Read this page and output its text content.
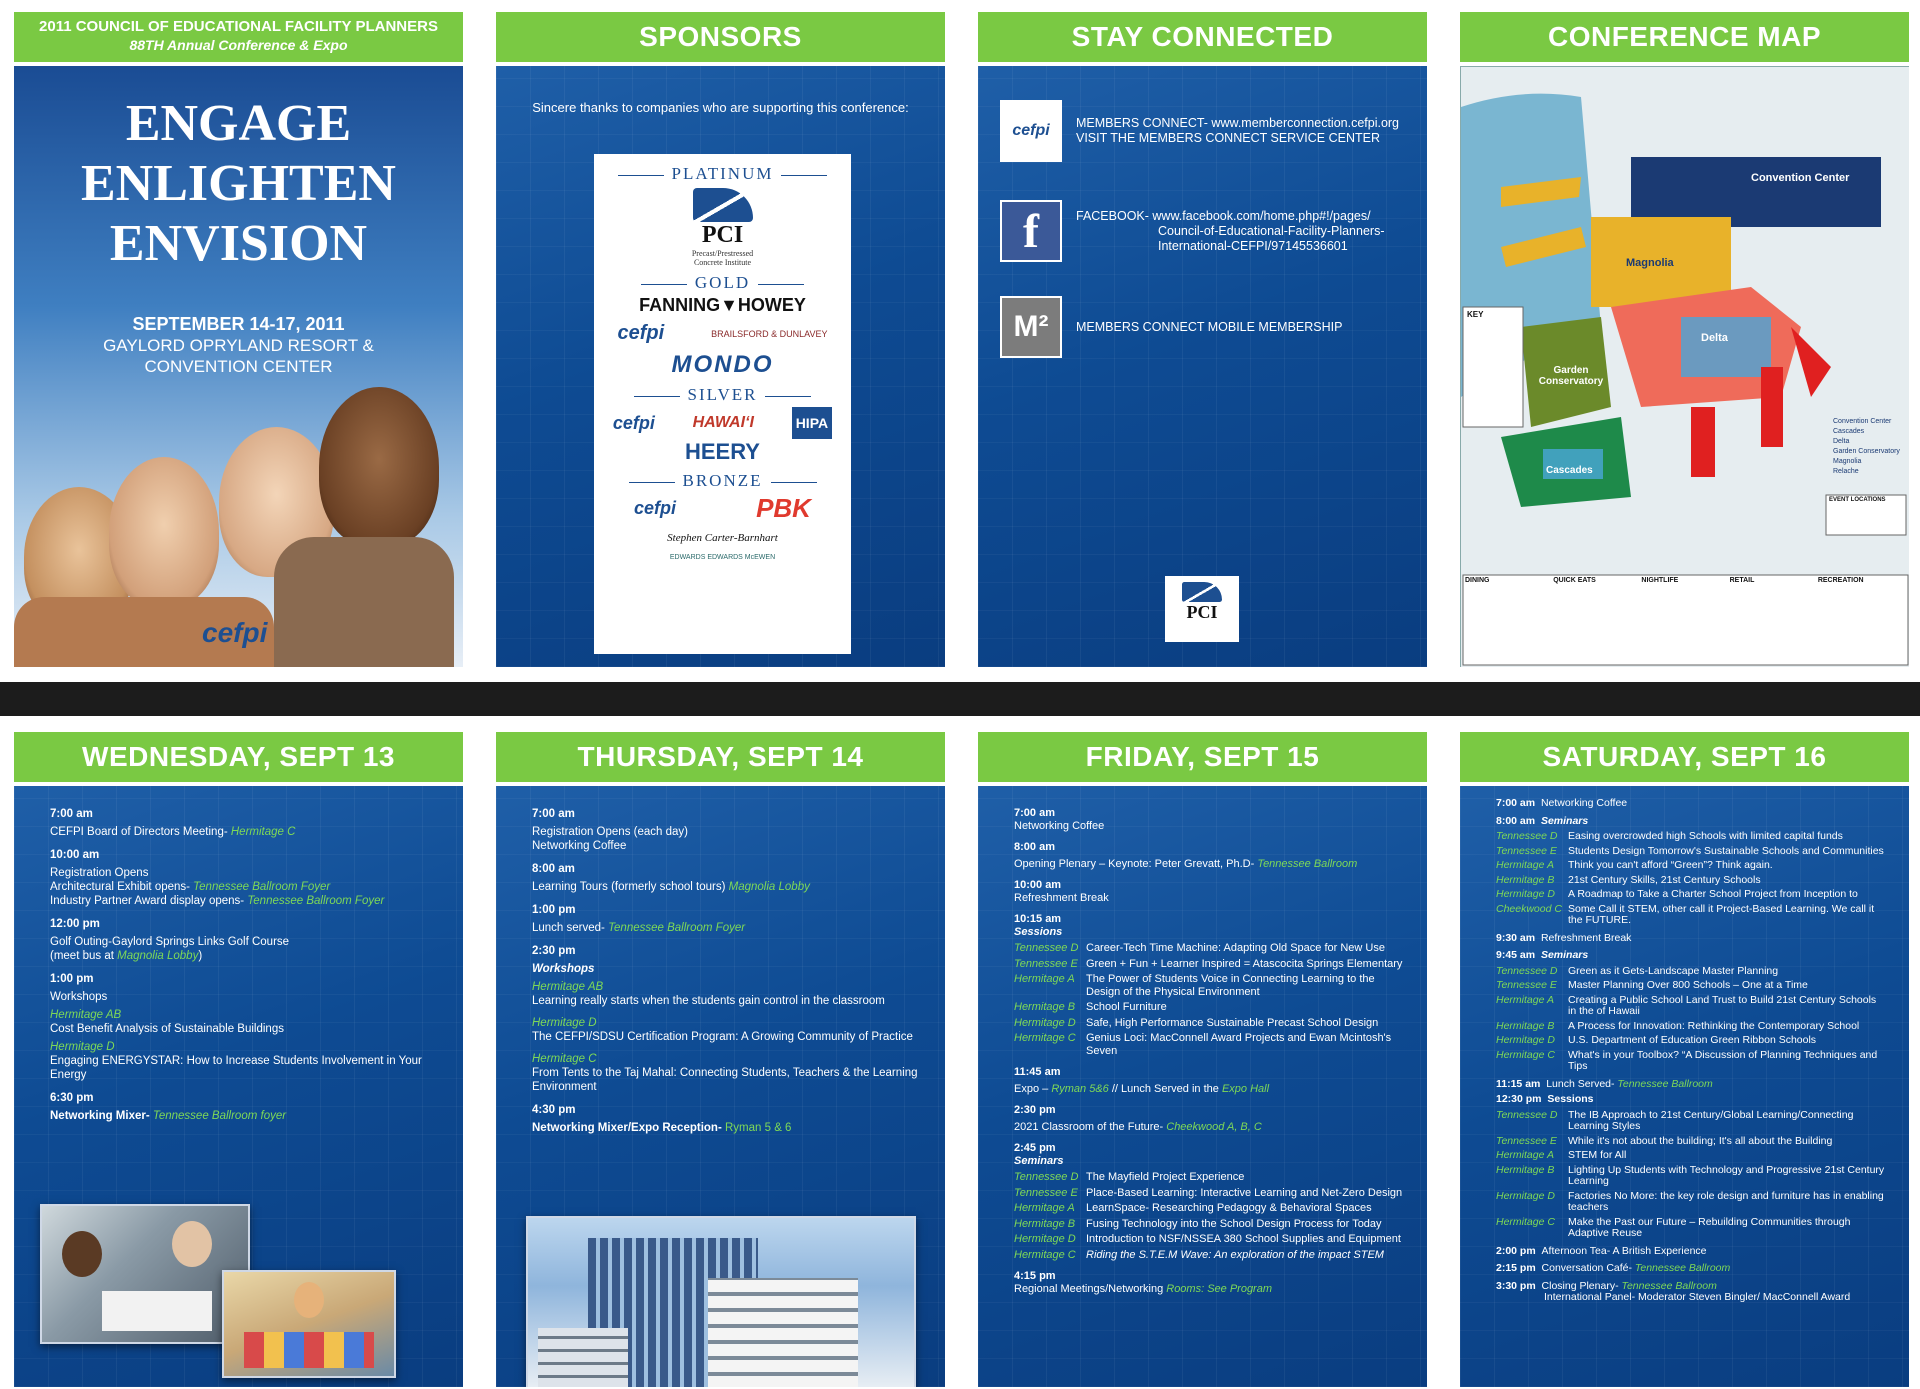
2011 COUNCIL OF EDUCATIONAL FACILITY PLANNERS
88TH Annual Conference & Expo
ENGAGE
ENLIGHTEN
ENVISION
SEPTEMBER 14-17, 2011
GAYLORD OPRYLAND RESORT &
CONVENTION CENTER
cefpi
SPONSORS
Sincere thanks to companies who are supporting this conference:
PLATINUM
PCI
Precast/Prestressed Concrete Institute
GOLD
FANNING▼HOWEY
cefpi	BRAILSFORD & DUNLAVEY
MONDO
SILVER
cefpi HAWAIʻI	HIPA
HEERY
BRONZE
cefpi	PBK
Stephen Carter-Barnhart
EDWARDS EDWARDS McEWEN
STAY CONNECTED
cefpi	MEMBERS CONNECT- www.memberconnection.cefpi.org
VISIT THE MEMBERS CONNECT SERVICE CENTER
f	FACEBOOK- www.facebook.com/home.php#!/pages/
Council-of-Educational-Facility-Planners-
International-CEFPI/97145536601
M²	MEMBERS CONNECT MOBILE MEMBERSHIP
PCI
CONFERENCE MAP
Convention Center
Magnolia
Delta
Garden Conservatory
Cascades
KEY
EVENT LOCATIONS
Convention Center
Cascades
Delta
Garden Conservatory
Magnolia
Relache
DINING	QUICK EATS	NIGHTLIFE	RETAIL	RECREATION
WEDNESDAY, SEPT 13
7:00 am
CEFPI Board of Directors Meeting- Hermitage C
10:00 am
Registration Opens
Architectural Exhibit opens- Tennessee Ballroom Foyer
Industry Partner Award display opens- Tennessee Ballroom Foyer
12:00 pm
Golf Outing-Gaylord Springs Links Golf Course
(meet bus at Magnolia Lobby)
1:00 pm
Workshops
Hermitage AB
Cost Benefit Analysis of Sustainable Buildings
Hermitage D
Engaging ENERGYSTAR: How to Increase Students Involvement in Your Energy
6:30 pm
Networking Mixer- Tennessee Ballroom foyer
THURSDAY, SEPT 14
7:00 am
Registration Opens (each day)
Networking Coffee
8:00 am
Learning Tours (formerly school tours) Magnolia Lobby
1:00 pm
Lunch served- Tennessee Ballroom Foyer
2:30 pm
Workshops
Hermitage AB
Learning really starts when the students gain control in the classroom
Hermitage D
The CEFPI/SDSU Certification Program: A Growing Community of Practice
Hermitage C
From Tents to the Taj Mahal: Connecting Students, Teachers & the Learning Environment
4:30 pm
Networking Mixer/Expo Reception- Ryman 5 & 6
FRIDAY, SEPT 15
7:00 am
Networking Coffee
8:00 am
Opening Plenary – Keynote: Peter Grevatt, Ph.D- Tennessee Ballroom
10:00 am
Refreshment Break
10:15 am
Sessions
Tennessee D Career-Tech Time Machine: Adapting Old Space for New Use
Tennessee E Green + Fun + Learner Inspired = Atascocita Springs Elementary
Hermitage A	The Power of Students Voice in Connecting Learning to the Design of the Physical Environment
Hermitage B School Furniture
Hermitage D Safe, High Performance Sustainable Precast School Design
Hermitage C Genius Loci: MacConnell Award Projects and Ewan Mcintosh's Seven
11:45 am
Expo – Ryman 5&6 // Lunch Served in the Expo Hall
2:30 pm
2021 Classroom of the Future- Cheekwood A, B, C
2:45 pm
Seminars
Tennessee D The Mayfield Project Experience
Tennessee E Place-Based Learning: Interactive Learning and Net-Zero Design
Hermitage A	LearnSpace- Researching Pedagogy & Behavioral Spaces
Hermitage B Fusing Technology into the School Design Process for Today
Hermitage D Introduction to NSF/NSSEA 380 School Supplies and Equipment
Hermitage C Riding the S.T.E.M Wave: An exploration of the impact STEM
4:15 pm
Regional Meetings/Networking Rooms: See Program
SATURDAY, SEPT 16
7:00 am Networking Coffee
8:00 am Seminars
Tennessee D	Easing overcrowded high Schools with limited capital funds
Tennessee E	Students Design Tomorrow's Sustainable Schools and Communities
Hermitage A	Think you can't afford “Green”? Think again.
Hermitage B	21st Century Skills, 21st Century Schools
Hermitage D	A Roadmap to Take a Charter School Project from Inception to
Cheekwood C Some Call it STEM, other call it Project-Based Learning. We call it the FUTURE.
9:30 am Refreshment Break
9:45 am Seminars
Tennessee D	Green as it Gets-Landscape Master Planning
Tennessee E	Master Planning Over 800 Schools – One at a Time
Hermitage A	Creating a Public School Land Trust to Build 21st Century Schools in the of Hawaii
Hermitage B	A Process for Innovation: Rethinking the Contemporary School
Hermitage D	U.S. Department of Education Green Ribbon Schools
Hermitage C	What's in your Toolbox? “A Discussion of Planning Techniques and Tips
11:15 am Lunch Served- Tennessee Ballroom
12:30 pm Sessions
Tennessee D	The IB Approach to 21st Century/Global Learning/Connecting Learning Styles
Tennessee E	While it's not about the building; It's all about the Building
Hermitage A	STEM for All
Hermitage B	Lighting Up Students with Technology and Progressive 21st Century Learning
Hermitage D	Factories No More: the key role design and furniture has in enabling teachers
Hermitage C	Make the Past our Future – Rebuilding Communities through Adaptive Reuse
2:00 pm Afternoon Tea- A British Experience
2:15 pm Conversation Café- Tennessee Ballroom
3:30 pm Closing Plenary- Tennessee Ballroom
International Panel- Moderator Steven Bingler/ MacConnell Award
